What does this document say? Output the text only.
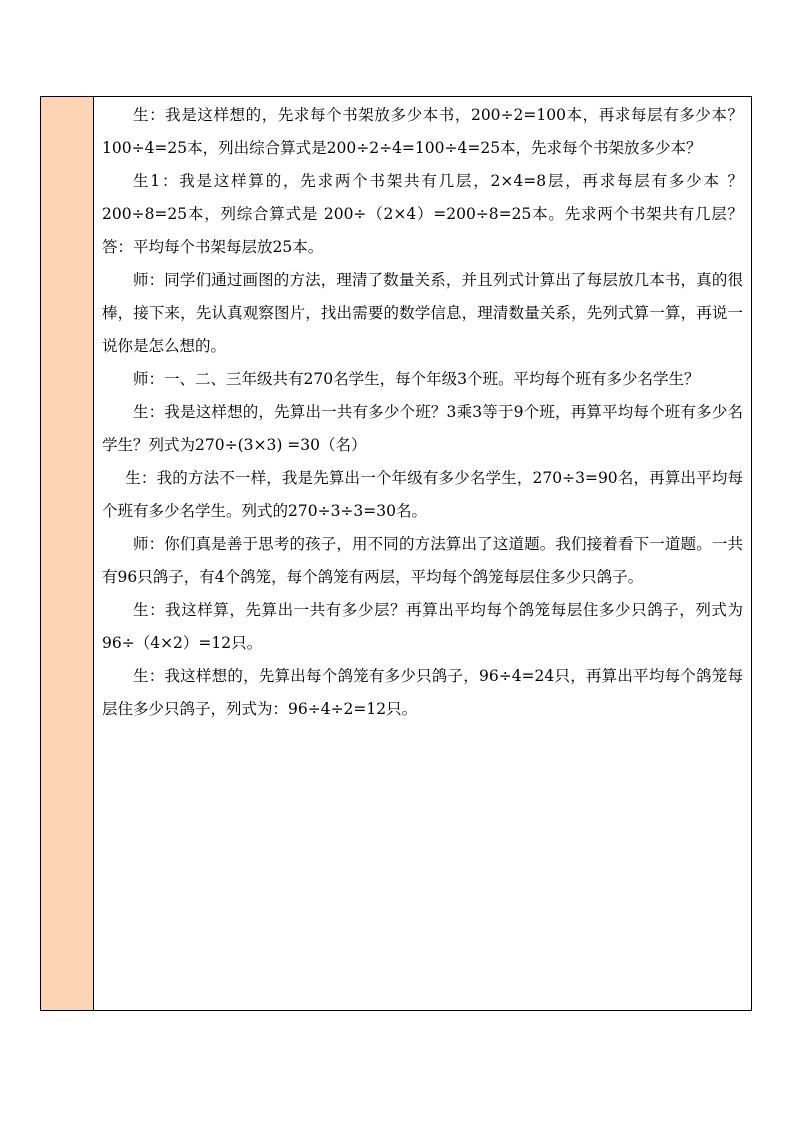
生：我是这样想的，先求每个书架放多少本书，200÷2=100本，再求每层有多少本？100÷4=25本，列出综合算式是200÷2÷4=100÷4=25本，先求每个书架放多少本？

生1：我是这样算的，先求两个书架共有几层，2×4=8层，再求每层有多少本 ？200÷8=25本，列综合算式是 200÷（2×4）=200÷8=25本。先求两个书架共有几层？答：平均每个书架每层放25本。

师：同学们通过画图的方法，理清了数量关系，并且列式计算出了每层放几本书，真的很棒，接下来，先认真观察图片，找出需要的数学信息，理清数量关系，先列式算一算，再说一说你是怎么想的。

师：一、二、三年级共有270名学生，每个年级3个班。平均每个班有多少名学生？

生：我是这样想的，先算出一共有多少个班？3乘3等于9个班，再算平均每个班有多少名学生？列式为270÷(3×3) =30（名）

生：我的方法不一样，我是先算出一个年级有多少名学生，270÷3=90名，再算出平均每个班有多少名学生。列式的270÷3÷3=30名。

师：你们真是善于思考的孩子，用不同的方法算出了这道题。我们接着看下一道题。一共有96只鸽子，有4个鸽笼，每个鸽笼有两层，平均每个鸽笼每层住多少只鸽子。

生：我这样算，先算出一共有多少层？再算出平均每个鸽笼每层住多少只鸽子，列式为96÷（4×2）=12只。

生：我这样想的，先算出每个鸽笼有多少只鸽子，96÷4=24只，再算出平均每个鸽笼每层住多少只鸽子，列式为：96÷4÷2=12只。
